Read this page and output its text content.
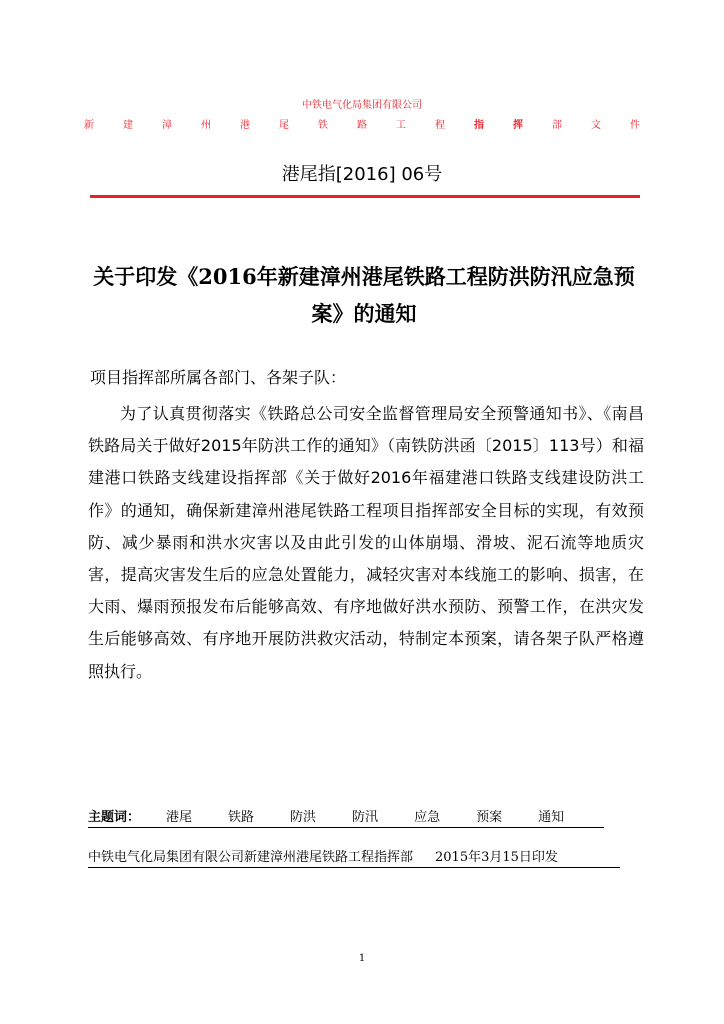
中铁电气化局集团有限公司
新	建	漳	州	港	尾	铁	路	工	程	指	挥	部	文	件
港尾指[2016] 06号
关于印发《2016年新建漳州港尾铁路工程防洪防汛应急预案》的通知
项目指挥部所属各部门、各架子队：

为了认真贯彻落实《铁路总公司安全监督管理局安全预警通知书》、《南昌铁路局关于做好2015年防洪工作的通知》（南铁防洪函〔2015〕113号）和福建港口铁路支线建设指挥部《关于做好2016年福建港口铁路支线建设防洪工作》的通知，确保新建漳州港尾铁路工程项目指挥部安全目标的实现，有效预防、减少暴雨和洪水灾害以及由此引发的山体崩塌、滑坡、泥石流等地质灾害，提高灾害发生后的应急处置能力，减轻灾害对本线施工的影响、损害，在大雨、爆雨预报发布后能够高效、有序地做好洪水预防、预警工作，在洪灾发生后能够高效、有序地开展防洪救灾活动，特制定本预案，请各架子队严格遵照执行。

主题词：	港尾	铁路	防洪	防汛	应急	预案	通知
中铁电气化局集团有限公司新建漳州港尾铁路工程指挥部 2015年3月15日印发
1
